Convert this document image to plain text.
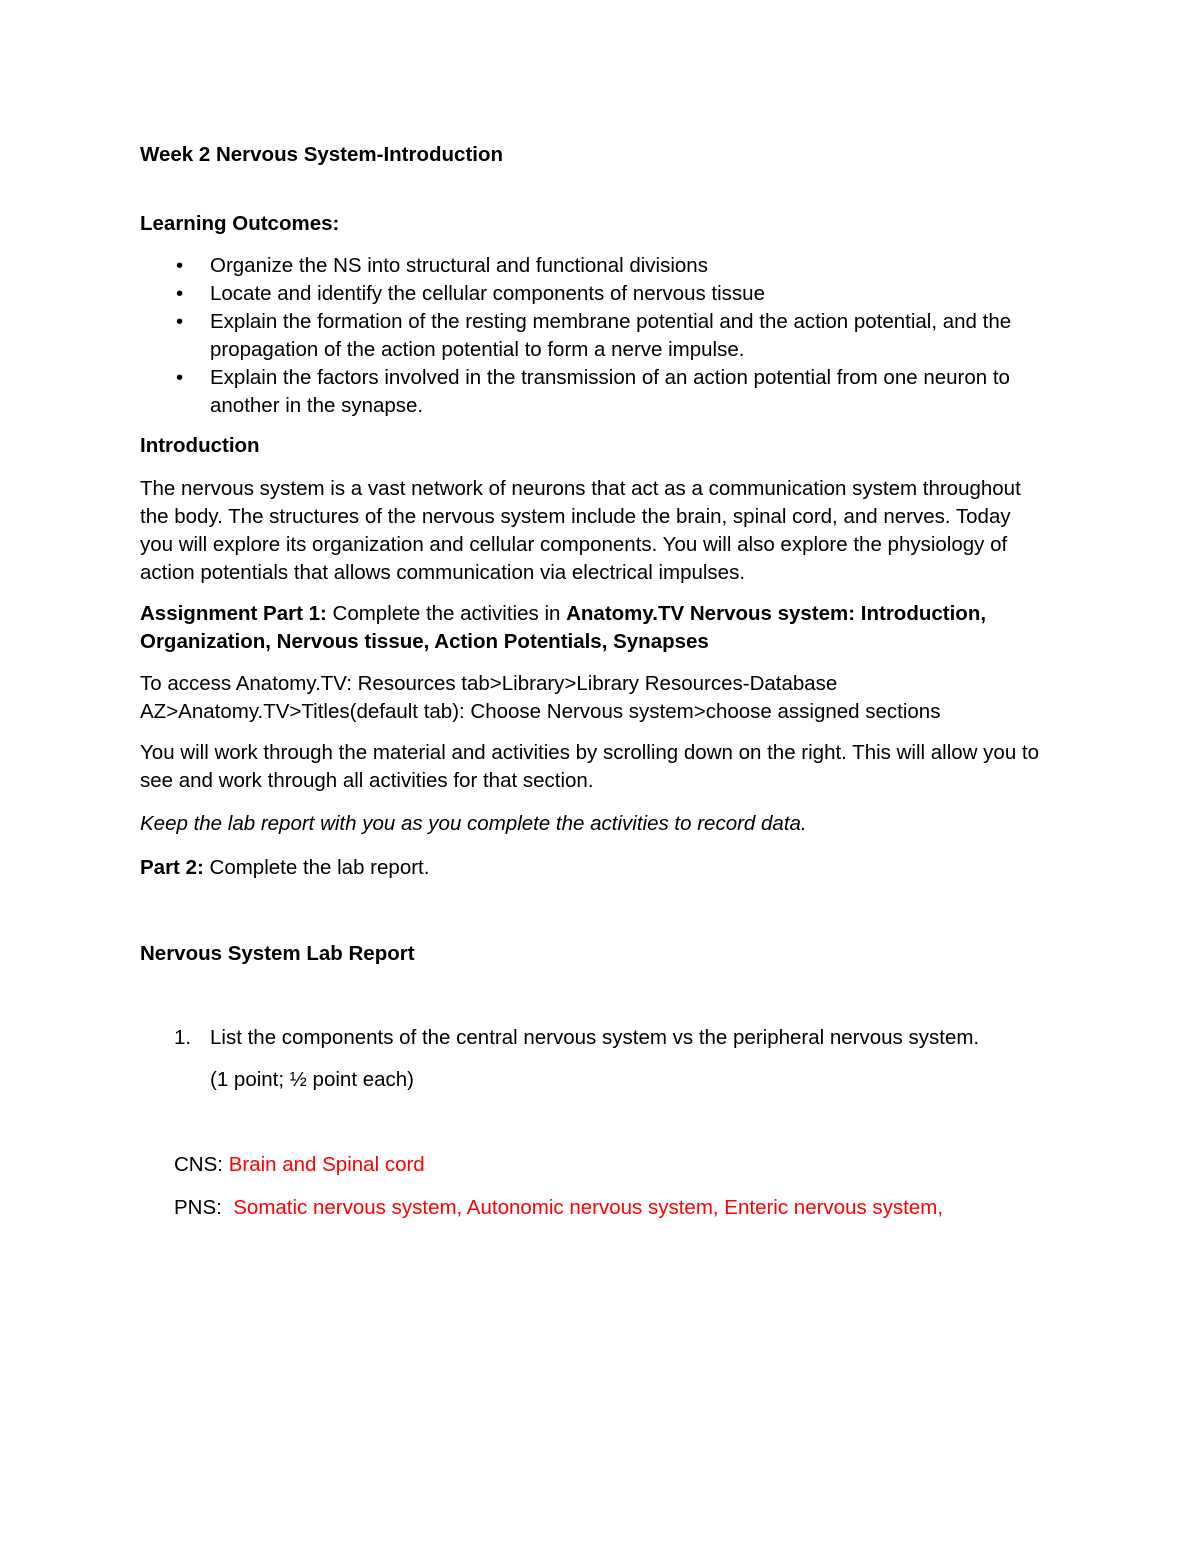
Week 2 Nervous System-Introduction
Learning Outcomes:
• Organize the NS into structural and functional divisions
• Locate and identify the cellular components of nervous tissue
• Explain the formation of the resting membrane potential and the action potential, and the propagation of the action potential to form a nerve impulse.
• Explain the factors involved in the transmission of an action potential from one neuron to another in the synapse.
Introduction
The nervous system is a vast network of neurons that act as a communication system throughout the body. The structures of the nervous system include the brain, spinal cord, and nerves. Today you will explore its organization and cellular components. You will also explore the physiology of action potentials that allows communication via electrical impulses.
Assignment Part 1: Complete the activities in Anatomy.TV Nervous system: Introduction, Organization, Nervous tissue, Action Potentials, Synapses
To access Anatomy.TV: Resources tab>Library>Library Resources-Database AZ>Anatomy.TV>Titles(default tab): Choose Nervous system>choose assigned sections
You will work through the material and activities by scrolling down on the right. This will allow you to see and work through all activities for that section.
Keep the lab report with you as you complete the activities to record data.
Part 2: Complete the lab report.
Nervous System Lab Report
1. List the components of the central nervous system vs the peripheral nervous system.
(1 point; ½ point each)
CNS: Brain and Spinal cord
PNS:  Somatic nervous system, Autonomic nervous system, Enteric nervous system,
